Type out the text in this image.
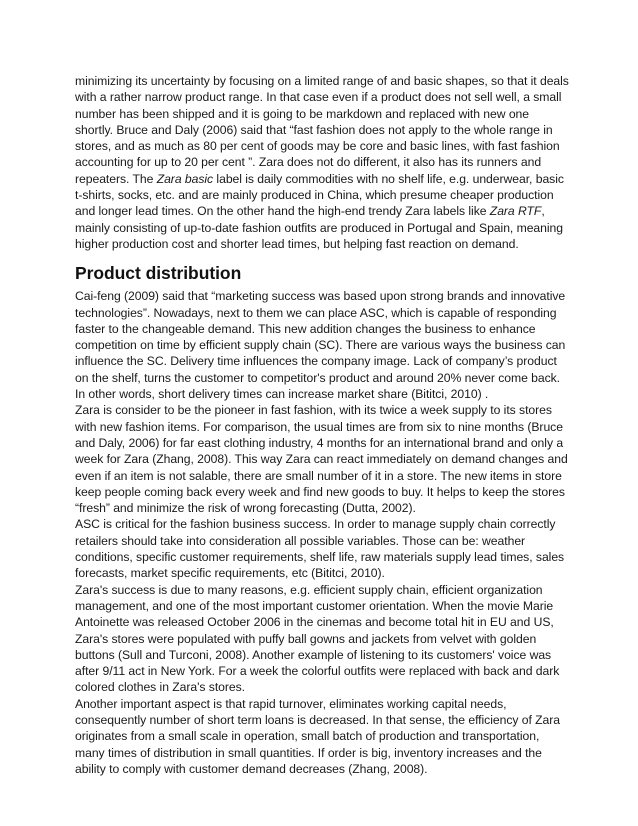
minimizing its uncertainty by focusing on a limited range of and basic shapes, so that it deals with a rather narrow product range. In that case even if a product does not sell well, a small number has been shipped and it is going to be markdown and replaced with new one shortly. Bruce and Daly (2006) said that “fast fashion does not apply to the whole range in stores, and as much as 80 per cent of goods may be core and basic lines, with fast fashion accounting for up to 20 per cent ”. Zara does not do different, it also has its runners and repeaters. The Zara basic label is daily commodities with no shelf life, e.g. underwear, basic t-shirts, socks, etc. and are mainly produced in China, which presume cheaper production and longer lead times. On the other hand the high-end trendy Zara labels like Zara RTF, mainly consisting of up-to-date fashion outfits are produced in Portugal and Spain, meaning higher production cost and shorter lead times, but helping fast reaction on demand.

Product distribution

Cai-feng (2009) said that “marketing success was based upon strong brands and innovative technologies”. Nowadays, next to them we can place ASC, which is capable of responding faster to the changeable demand. This new addition changes the business to enhance competition on time by efficient supply chain (SC). There are various ways the business can influence the SC. Delivery time influences the company image. Lack of company’s product on the shelf, turns the customer to competitor's product and around 20% never come back. In other words, short delivery times can increase market share (Bititci, 2010) .

Zara is consider to be the pioneer in fast fashion, with its twice a week supply to its stores with new fashion items. For comparison, the usual times are from six to nine months (Bruce and Daly, 2006) for far east clothing industry, 4 months for an international brand and only a week for Zara (Zhang, 2008). This way Zara can react immediately on demand changes and even if an item is not salable, there are small number of it in a store. The new items in store keep people coming back every week and find new goods to buy. It helps to keep the stores “fresh” and minimize the risk of wrong forecasting (Dutta, 2002).

ASC is critical for the fashion business success. In order to manage supply chain correctly retailers should take into consideration all possible variables. Those can be: weather conditions, specific customer requirements, shelf life, raw materials supply lead times, sales forecasts, market specific requirements, etc (Bititci, 2010).

Zara's success is due to many reasons, e.g. efficient supply chain, efficient organization management, and one of the most important customer orientation. When the movie Marie Antoinette was released October 2006 in the cinemas and become total hit in EU and US, Zara's stores were populated with puffy ball gowns and jackets from velvet with golden buttons (Sull and Turconi, 2008). Another example of listening to its customers' voice was after 9/11 act in New York. For a week the colorful outfits were replaced with back and dark colored clothes in Zara's stores.

Another important aspect is that rapid turnover, eliminates working capital needs, consequently number of short term loans is decreased. In that sense, the efficiency of Zara originates from a small scale in operation, small batch of production and transportation, many times of distribution in small quantities. If order is big, inventory increases and the ability to comply with customer demand decreases (Zhang, 2008).
